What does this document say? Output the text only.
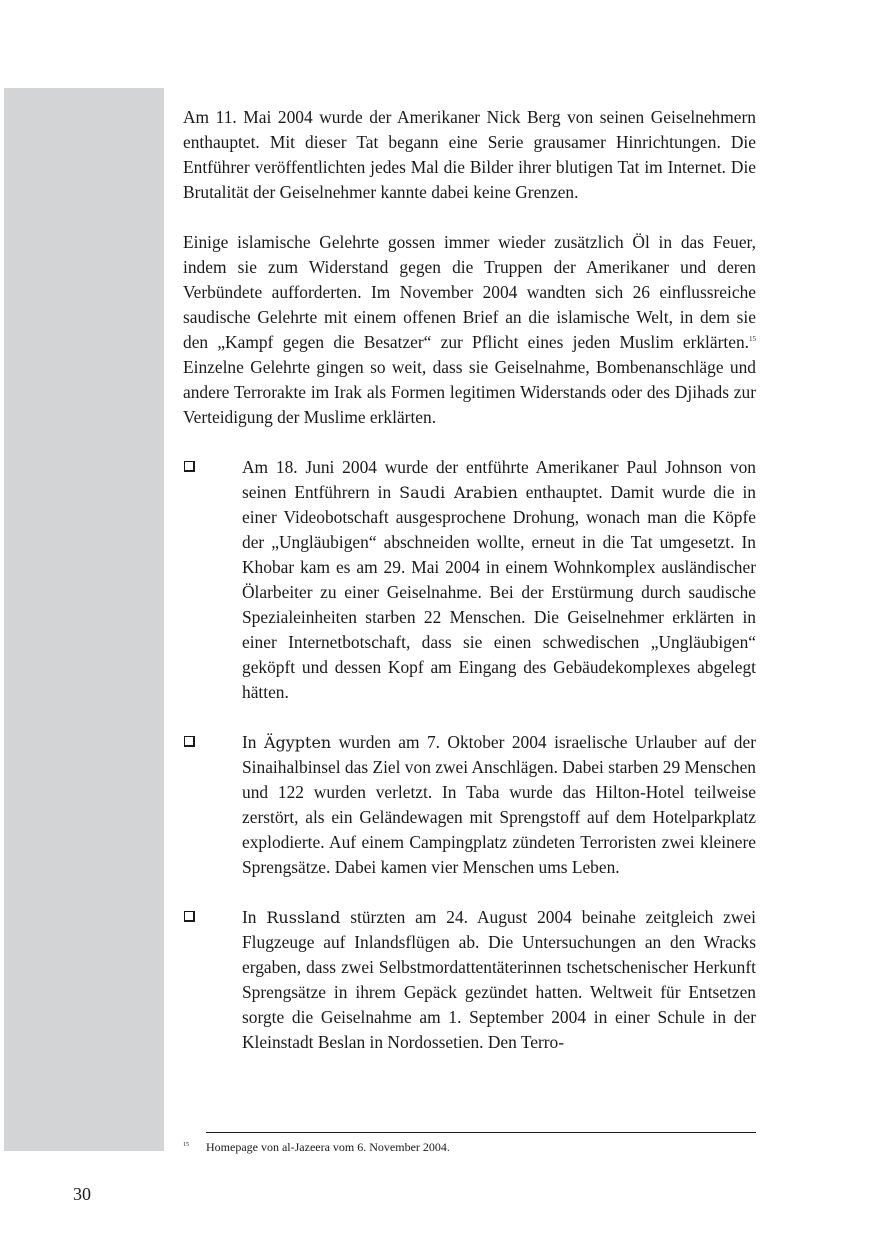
Am 11. Mai 2004 wurde der Amerikaner Nick Berg von seinen Geiselnehmern enthauptet. Mit dieser Tat begann eine Serie grausamer Hinrichtungen. Die Entführer veröffentlichten jedes Mal die Bilder ihrer blutigen Tat im Internet. Die Brutalität der Geiselnehmer kannte dabei keine Grenzen.

Einige islamische Gelehrte gossen immer wieder zusätzlich Öl in das Feuer, indem sie zum Widerstand gegen die Truppen der Amerikaner und deren Verbündete aufforderten. Im November 2004 wandten sich 26 einflussreiche saudische Gelehrte mit einem offenen Brief an die islamische Welt, in dem sie den „Kampf gegen die Besatzer“ zur Pflicht eines jeden Muslim erklärten.$^{15}$ Einzelne Gelehrte gingen so weit, dass sie Geiselnahme, Bombenanschläge und andere Terrorakte im Irak als Formen legitimen Widerstands oder des Djihads zur Verteidigung der Muslime erklärten.

Am 18. Juni 2004 wurde der entführte Amerikaner Paul Johnson von seinen Entführern in Saudi Arabien enthauptet. Damit wurde die in einer Videobotschaft ausgesprochene Drohung, wonach man die Köpfe der „Ungläubigen“ abschneiden wollte, erneut in die Tat umgesetzt. In Khobar kam es am 29. Mai 2004 in einem Wohnkomplex ausländischer Ölarbeiter zu einer Geiselnahme. Bei der Erstürmung durch saudische Spezialeinheiten starben 22 Menschen. Die Geiselnehmer erklärten in einer Internetbotschaft, dass sie einen schwedischen „Ungläubigen“ geköpft und dessen Kopf am Eingang des Gebäudekomplexes abgelegt hätten.

In Ägypten wurden am 7. Oktober 2004 israelische Urlauber auf der Sinaihalbinsel das Ziel von zwei Anschlägen. Dabei starben 29 Menschen und 122 wurden verletzt. In Taba wurde das Hilton-Hotel teilweise zerstört, als ein Geländewagen mit Sprengstoff auf dem Hotelparkplatz explodierte. Auf einem Campingplatz zündeten Terroristen zwei kleinere Sprengsätze. Dabei kamen vier Menschen ums Leben.

In Russland stürzten am 24. August 2004 beinahe zeitgleich zwei Flugzeuge auf Inlandsflügen ab. Die Untersuchungen an den Wracks ergaben, dass zwei Selbstmordattentäterinnen tschetschenischer Herkunft Sprengsätze in ihrem Gepäck gezündet hatten. Weltweit für Entsetzen sorgte die Geiselnahme am 1. September 2004 in einer Schule in der Kleinstadt Beslan in Nordossetien. Den Terro-

15 Homepage von al-Jazeera vom 6. November 2004.
30
